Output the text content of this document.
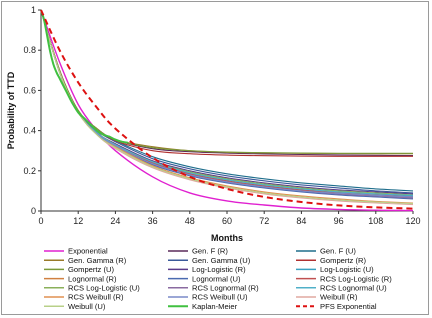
0	12	24	36	48	60	72	84	96	108 120
0
0.2
0.4
0.6
0.8
1
Months
Probability of TTD
Exponential	Gen. F (R)	Gen. F (U)
Gen. Gamma (R)	Gen. Gamma (U)	Gompertz (R)
Gompertz (U)	Log-Logistic (R)	Log-Logistic (U)
Lognormal (R)	Lognormal (U)	RCS Log-Logistic (R)
RCS Log-Logistic (U)	RCS Lognormal (R)	RCS Lognormal (U)
RCS Weibull (R)	RCS Weibull (U)	Weibull (R)
Weibull (U)	Kaplan-Meier	PFS Exponential
